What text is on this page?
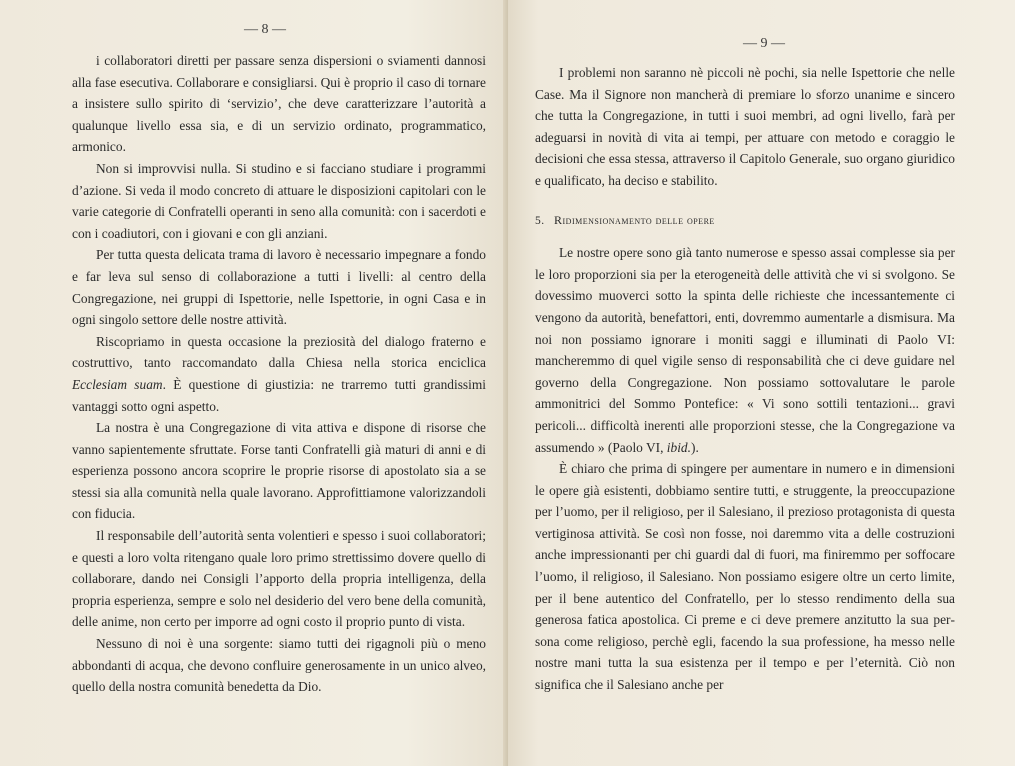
— 8 —

i collaboratori diretti per passare senza dispersioni o sviamenti dannosi alla fase esecutiva. Collaborare e consigliarsi. Qui è proprio il caso di tornare a insistere sullo spirito di ‘servizio’, che deve caratterizzare l’autorità a qualunque livello essa sia, e di un servizio ordinato, programmatico, armonico.

Non si improvvisi nulla. Si studino e si facciano studiare i programmi d’azione. Si veda il modo concreto di attuare le disposizioni capitolari con le varie categorie di Confratelli operanti in seno alla comunità: con i sacerdoti e con i coadiutori, con i giovani e con gli anziani.

Per tutta questa delicata trama di lavoro è necessario impegnare a fondo e far leva sul senso di collaborazione a tutti i livelli: al centro della Congregazione, nei gruppi di Ispettorie, nelle Ispettorie, in ogni Casa e in ogni singolo settore delle nostre attività.

Riscopriamo in questa occasione la preziosità del dialogo fraterno e costruttivo, tanto raccomandato dalla Chiesa nella storica enciclica Ecclesiam suam. È questione di giustizia: ne trarremo tutti grandissimi vantaggi sotto ogni aspetto.

La nostra è una Congregazione di vita attiva e dispone di risorse che vanno sapientemente sfruttate. Forse tanti Confratelli già maturi di anni e di esperienza possono ancora scoprire le proprie risorse di apostolato sia a se stessi sia alla comunità nella quale lavorano. Approfittiamone valorizzandoli con fiducia.

Il responsabile dell’autorità senta volentieri e spesso i suoi collaboratori; e questi a loro volta ritengano quale loro primo strettissimo dovere quello di collaborare, dando nei Consigli l’apporto della propria intelligenza, della propria esperienza, sempre e solo nel desiderio del vero bene della comunità, delle anime, non certo per imporre ad ogni costo il proprio punto di vista.

Nessuno di noi è una sorgente: siamo tutti dei rigagnoli più o meno abbondanti di acqua, che devono confluire generosamente in un unico alveo, quello della nostra comunità benedetta da Dio.

— 9 —

I problemi non saranno nè piccoli nè pochi, sia nelle Ispettorie che nelle Case. Ma il Signore non mancherà di premiare lo sforzo unanime e sincero che tutta la Congregazione, in tutti i suoi membri, ad ogni livello, farà per adeguarsi in novità di vita ai tempi, per attuare con metodo e coraggio le decisioni che essa stessa, attraverso il Capitolo Generale, suo organo giuridico e qualificato, ha deciso e stabilito.

5. Ridimensionamento delle opere

Le nostre opere sono già tanto numerose e spesso assai complesse sia per le loro proporzioni sia per la eterogeneità delle attività che vi si svolgono. Se dovessimo muoverci sotto la spinta delle richieste che incessantemente ci vengono da autorità, benefattori, enti, dovremmo aumentarle a dismisura. Ma noi non possiamo ignorare i moniti saggi e illuminati di Paolo VI: mancheremmo di quel vigile senso di responsabilità che ci deve guidare nel governo della Congregazione. Non possiamo sottovalutare le parole ammonitrici del Sommo Pontefice: « Vi sono sottili tentazioni... gravi pericoli... difficoltà inerenti alle proporzioni stesse, che la Congregazione va assumendo » (Paolo VI, ibid.).

È chiaro che prima di spingere per aumentare in numero e in dimensioni le opere già esistenti, dobbiamo sentire tutti, e struggente, la preoccupazione per l’uomo, per il religioso, per il Salesiano, il prezioso protagonista di questa vertiginosa attività. Se così non fosse, noi daremmo vita a delle costruzioni anche impressionanti per chi guardi dal di fuori, ma finiremmo per soffocare l’uomo, il religioso, il Salesiano. Non possiamo esigere oltre un certo limite, per il bene autentico del Confratello, per lo stesso rendimento della sua generosa fatica apostolica. Ci preme e ci deve premere anzitutto la sua persona come religioso, perchè egli, facendo la sua professione, ha messo nelle nostre mani tutta la sua esistenza per il tempo e per l’eternità. Ciò non significa che il Salesiano anche per
